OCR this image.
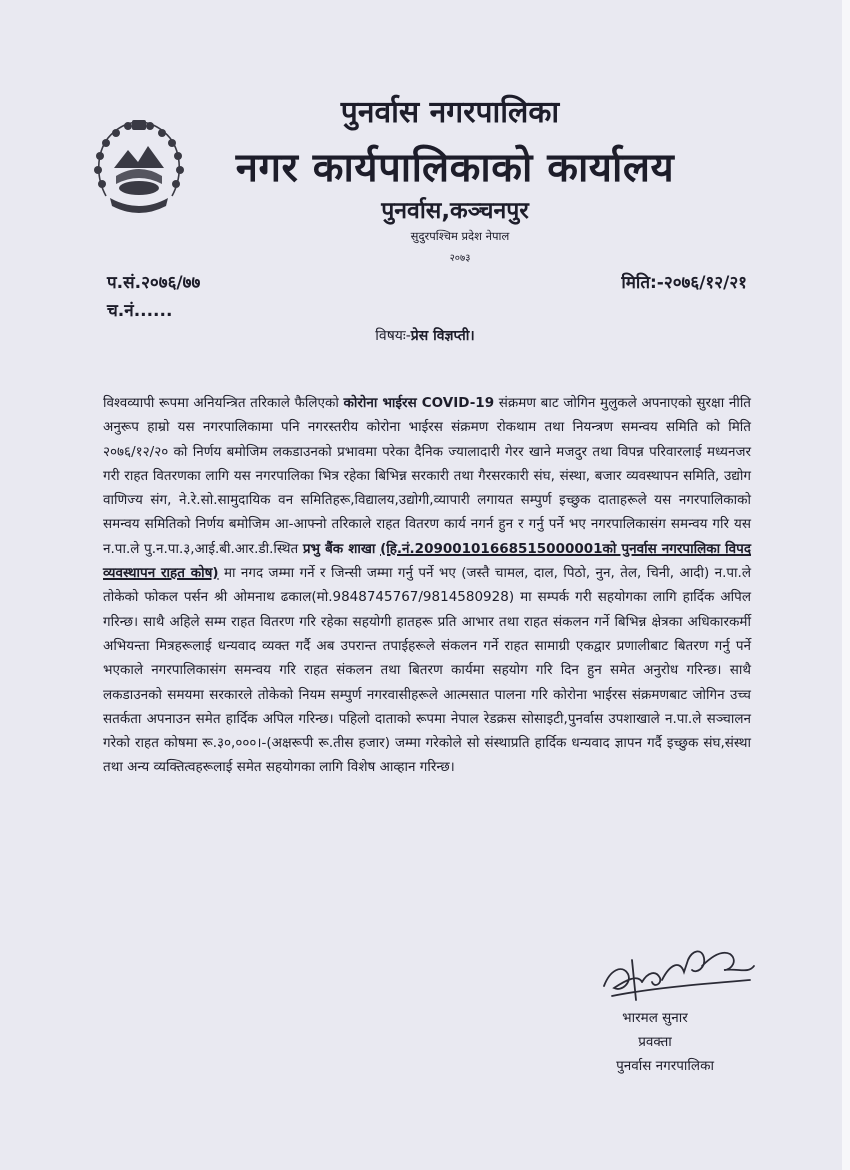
पुनर्वास नगरपालिका
नगर कार्यपालिकाको कार्यालय
पुनर्वास,कञ्चनपुर
सुदुरपश्चिम प्रदेश नेपाल
२०७३
प.सं.२०७६/७७
च.नं......
मिति:-२०७६/१२/२१
विषयः-प्रेस विज्ञप्ती।
विश्वव्यापी रूपमा अनियन्त्रित तरिकाले फैलिएको कोरोना भाईरस COVID-19 संक्रमण बाट जोगिन मुलुकले अपनाएको सुरक्षा नीति अनुरूप हाम्रो यस नगरपालिकामा पनि नगरस्तरीय कोरोना भाईरस संक्रमण रोकथाम तथा नियन्त्रण समन्वय समिति को मिति २०७६/१२/२० को निर्णय बमोजिम लकडाउनको प्रभावमा परेका दैनिक ज्यालादारी गेरर खाने मजदुर तथा विपन्न परिवारलाई मध्यनजर गरी राहत वितरणका लागि यस नगरपालिका भित्र रहेका बिभिन्न सरकारी तथा गैरसरकारी संघ, संस्था, बजार व्यवस्थापन समिति, उद्योग वाणिज्य संग, ने.रे.सो.सामुदायिक वन समितिहरू,विद्यालय,उद्योगी,व्यापारी लगायत सम्पुर्ण इच्छुक दाताहरूले यस नगरपालिकाको समन्वय समितिको निर्णय बमोजिम आ-आफ्नो तरिकाले राहत वितरण कार्य नगर्न हुन र गर्नु पर्ने भए नगरपालिकासंग समन्वय गरि यस न.पा.ले पु.न.पा.३,आई.बी.आर.डी.स्थित प्रभु बैंक शाखा (हि.नं.20900101668515000001को पुनर्वास नगरपालिका विपद व्यवस्थापन राहत कोष) मा नगद जम्मा गर्ने र जिन्सी जम्मा गर्नु पर्ने भए (जस्तै चामल, दाल, पिठो, नुन, तेल, चिनी, आदी) न.पा.ले तोकेको फोकल पर्सन श्री ओमनाथ ढकाल(मो.9848745767/9814580928) मा सम्पर्क गरी सहयोगका लागि हार्दिक अपिल गरिन्छ। साथै अहिले सम्म राहत वितरण गरि रहेका सहयोगी हातहरू प्रति आभार तथा राहत संकलन गर्ने बिभिन्न क्षेत्रका अधिकारकर्मी अभियन्ता मित्रहरूलाई धन्यवाद व्यक्त गर्दै अब उपरान्त तपाईहरूले संकलन गर्ने राहत सामाग्री एकद्वार प्रणालीबाट बितरण गर्नु पर्ने भएकाले नगरपालिकासंग समन्वय गरि राहत संकलन तथा बितरण कार्यमा सहयोग गरि दिन हुन समेत अनुरोध गरिन्छ। साथै लकडाउनको समयमा सरकारले तोकेको नियम सम्पुर्ण नगरवासीहरूले आत्मसात पालना गरि कोरोना भाईरस संक्रमणबाट जोगिन उच्च सतर्कता अपनाउन समेत हार्दिक अपिल गरिन्छ। पहिलो दाताको रूपमा नेपाल रेडक्रस सोसाइटी,पुनर्वास उपशाखाले न.पा.ले सञ्चालन गरेको राहत कोषमा रू.३०,०००।-(अक्षरूपी रू.तीस हजार) जम्मा गरेकोले सो संस्थाप्रति हार्दिक धन्यवाद ज्ञापन गर्दै इच्छुक संघ,संस्था तथा अन्य व्यक्तित्वहरूलाई समेत सहयोगका लागि विशेष आव्हान गरिन्छ।
भारमल सुनार
प्रवक्ता
पुनर्वास नगरपालिका
